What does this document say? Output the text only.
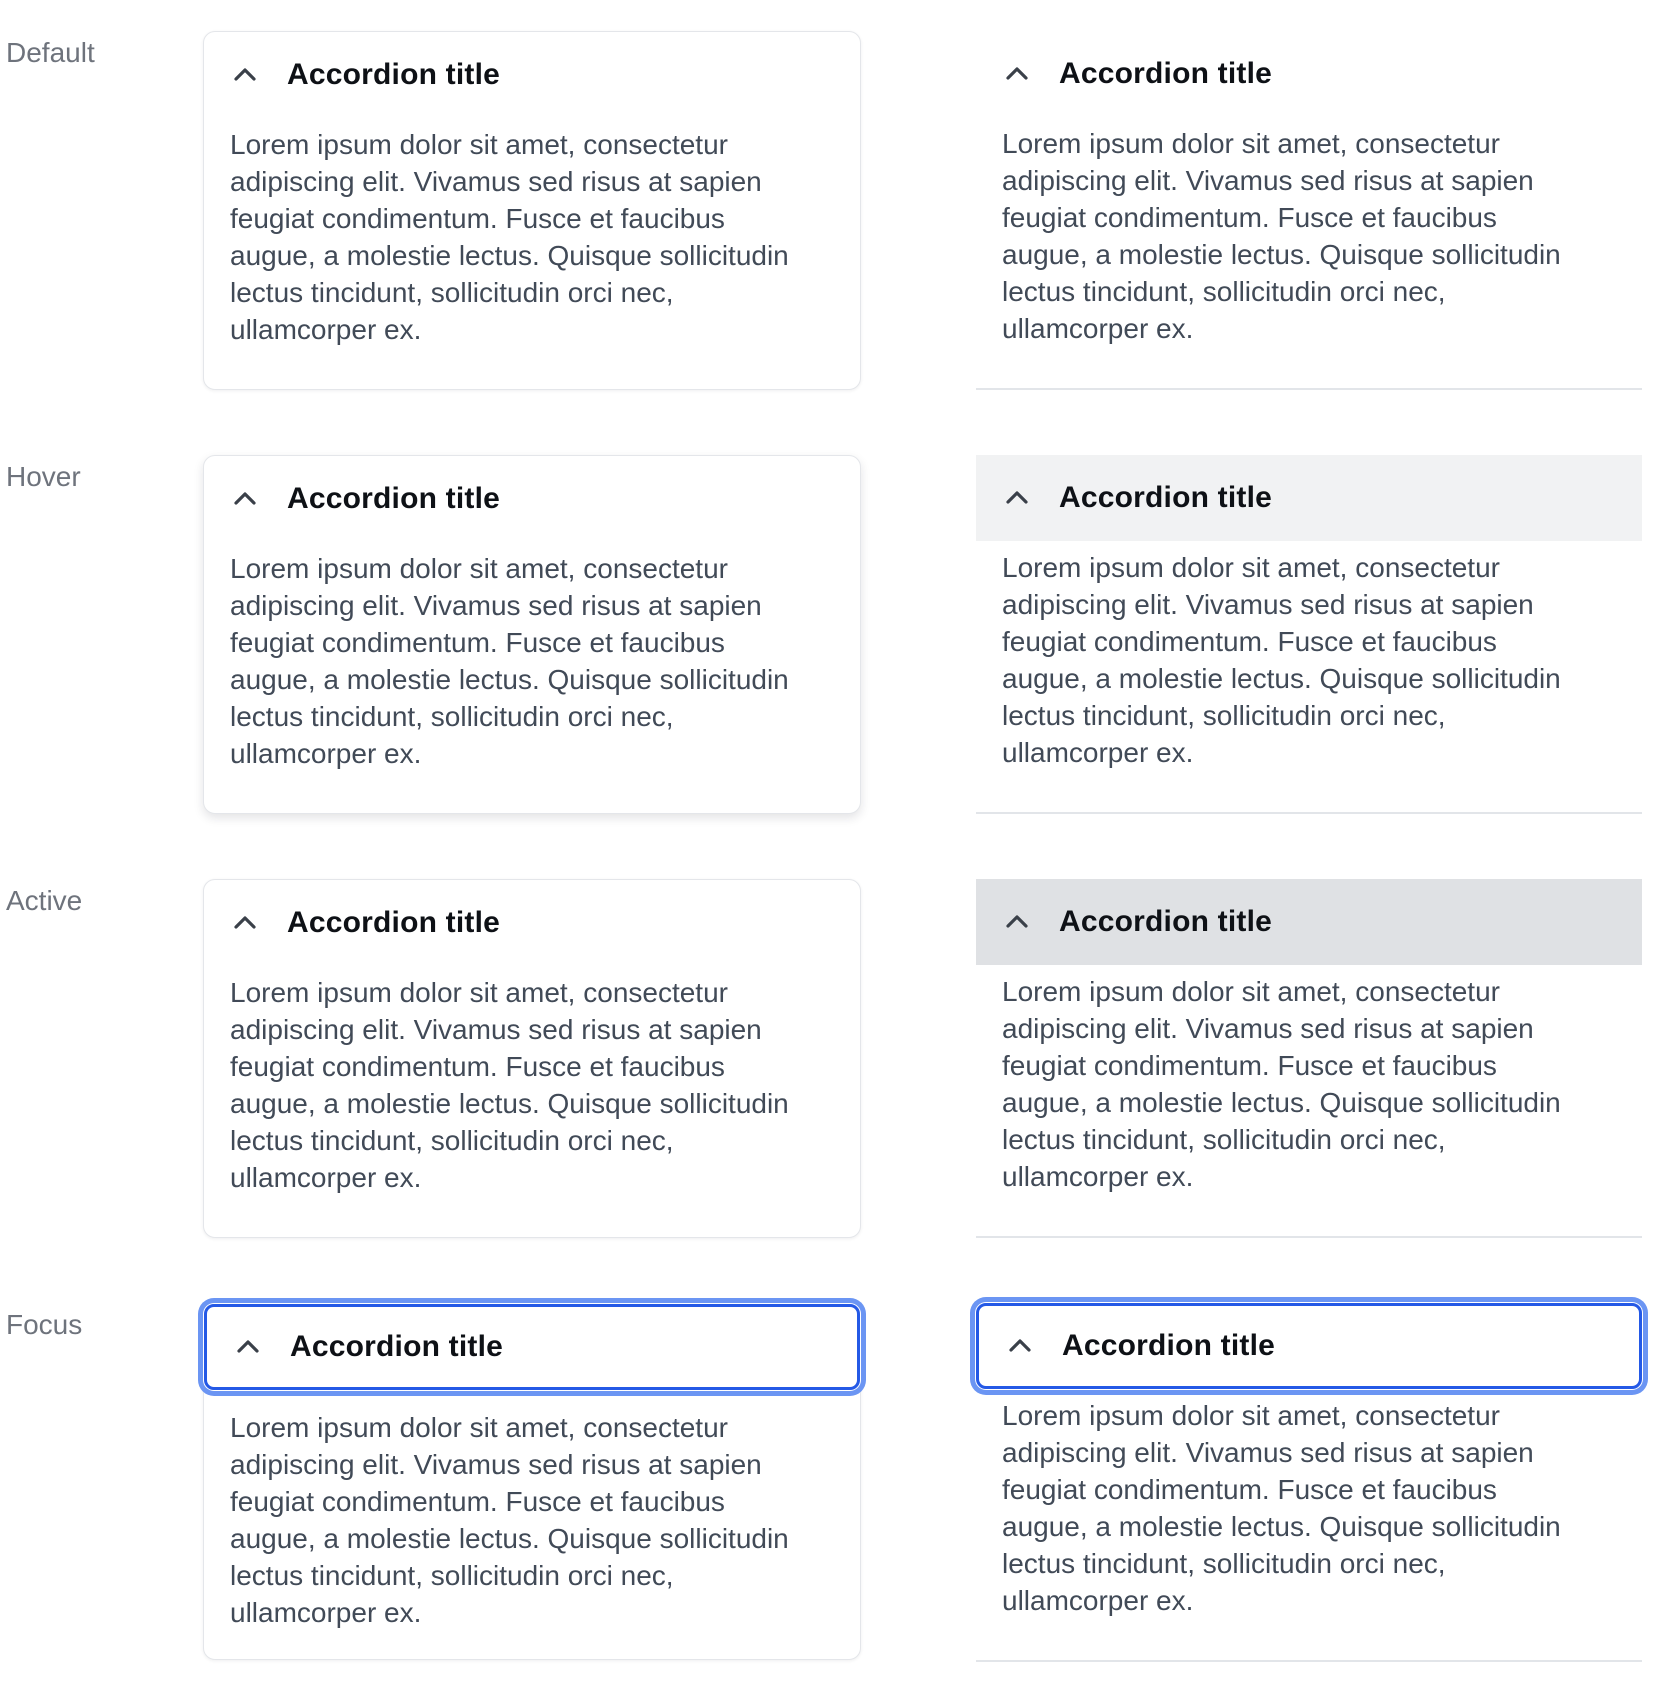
Default
Accordion title
Lorem ipsum dolor sit amet, consectetur
adipiscing elit. Vivamus sed risus at sapien
feugiat condimentum. Fusce et faucibus
augue, a molestie lectus. Quisque sollicitudin
lectus tincidunt, sollicitudin orci nec,
ullamcorper ex.
Accordion title
Lorem ipsum dolor sit amet, consectetur
adipiscing elit. Vivamus sed risus at sapien
feugiat condimentum. Fusce et faucibus
augue, a molestie lectus. Quisque sollicitudin
lectus tincidunt, sollicitudin orci nec,
ullamcorper ex.
Hover
Accordion title
Lorem ipsum dolor sit amet, consectetur
adipiscing elit. Vivamus sed risus at sapien
feugiat condimentum. Fusce et faucibus
augue, a molestie lectus. Quisque sollicitudin
lectus tincidunt, sollicitudin orci nec,
ullamcorper ex.
Accordion title
Lorem ipsum dolor sit amet, consectetur
adipiscing elit. Vivamus sed risus at sapien
feugiat condimentum. Fusce et faucibus
augue, a molestie lectus. Quisque sollicitudin
lectus tincidunt, sollicitudin orci nec,
ullamcorper ex.
Active
Accordion title
Lorem ipsum dolor sit amet, consectetur
adipiscing elit. Vivamus sed risus at sapien
feugiat condimentum. Fusce et faucibus
augue, a molestie lectus. Quisque sollicitudin
lectus tincidunt, sollicitudin orci nec,
ullamcorper ex.
Accordion title
Lorem ipsum dolor sit amet, consectetur
adipiscing elit. Vivamus sed risus at sapien
feugiat condimentum. Fusce et faucibus
augue, a molestie lectus. Quisque sollicitudin
lectus tincidunt, sollicitudin orci nec,
ullamcorper ex.
Focus
Accordion title
Lorem ipsum dolor sit amet, consectetur
adipiscing elit. Vivamus sed risus at sapien
feugiat condimentum. Fusce et faucibus
augue, a molestie lectus. Quisque sollicitudin
lectus tincidunt, sollicitudin orci nec,
ullamcorper ex.
Accordion title
Lorem ipsum dolor sit amet, consectetur
adipiscing elit. Vivamus sed risus at sapien
feugiat condimentum. Fusce et faucibus
augue, a molestie lectus. Quisque sollicitudin
lectus tincidunt, sollicitudin orci nec,
ullamcorper ex.
